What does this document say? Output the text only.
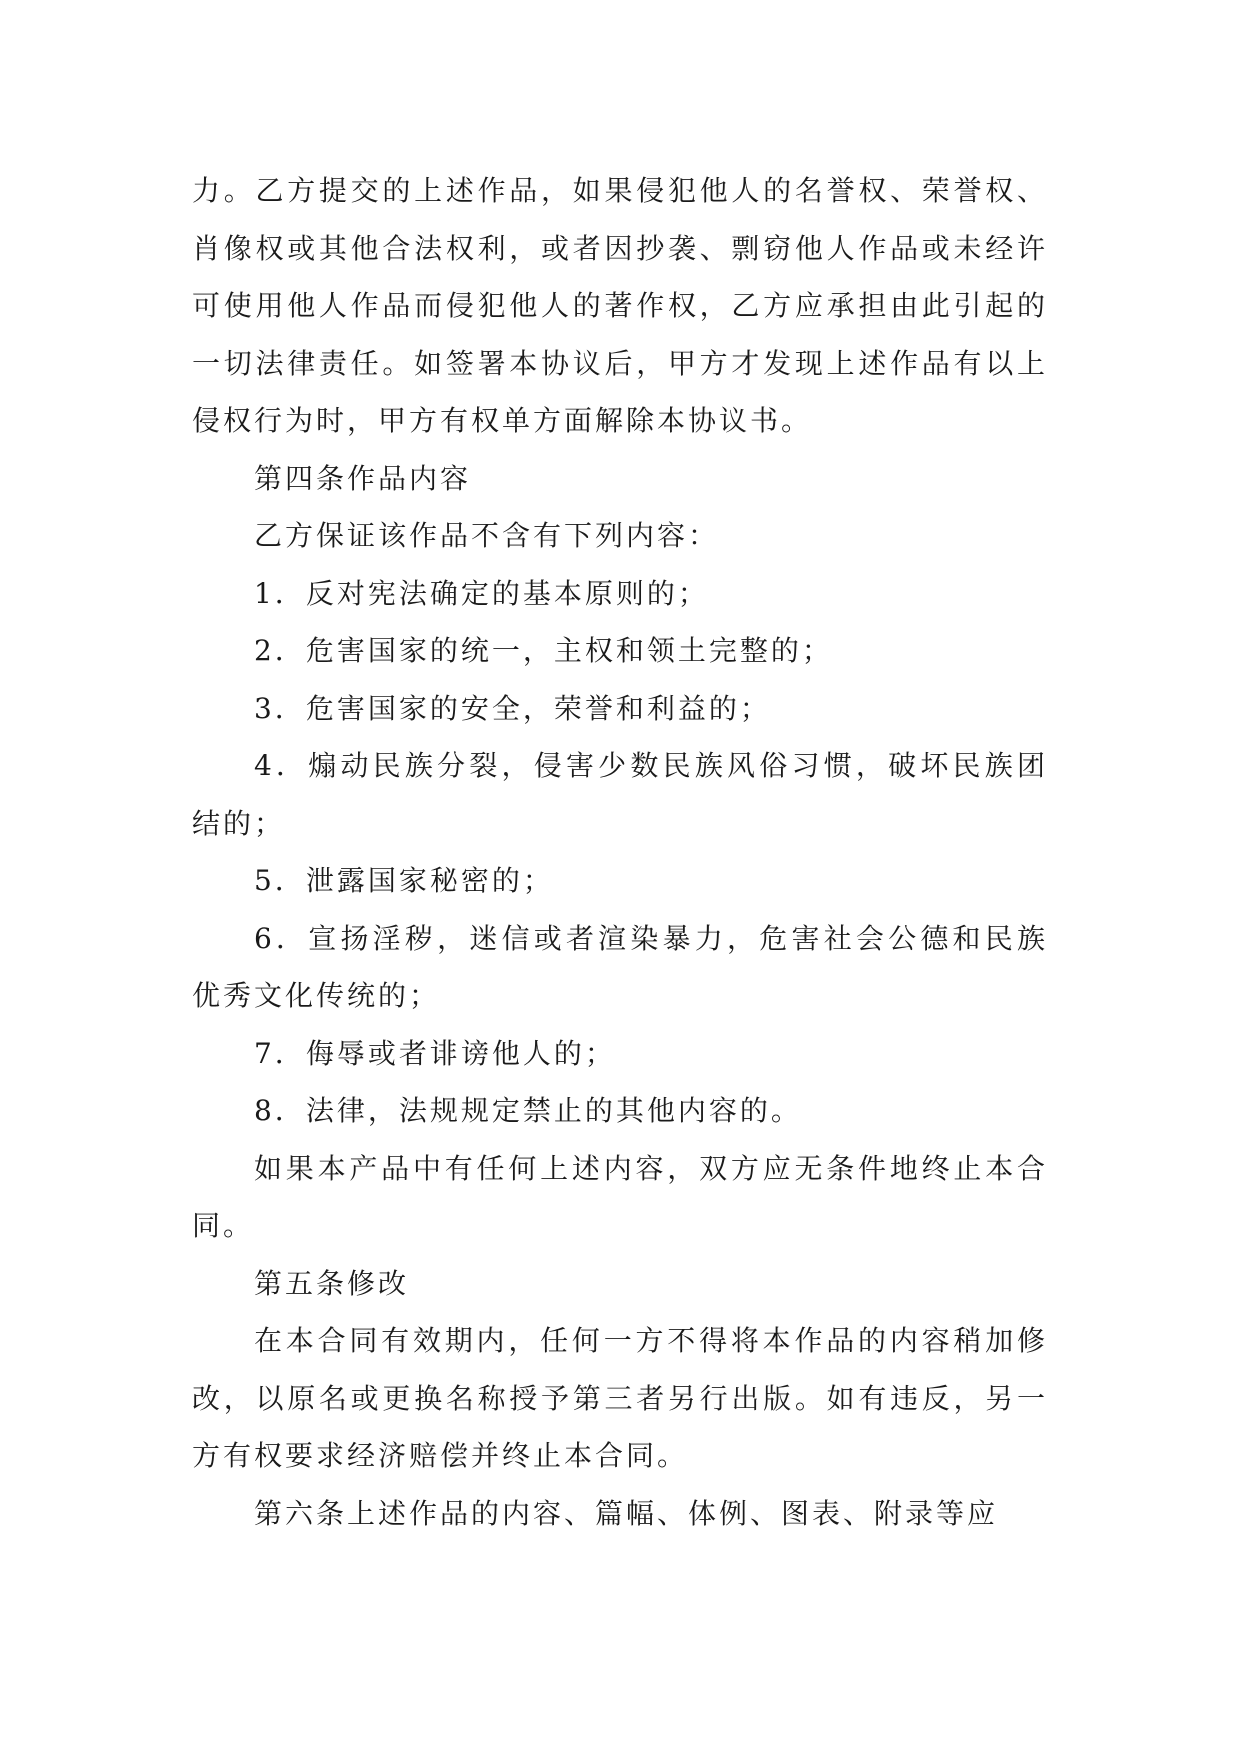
力。乙方提交的上述作品，如果侵犯他人的名誉权、荣誉权、肖像权或其他合法权利，或者因抄袭、剽窃他人作品或未经许可使用他人作品而侵犯他人的著作权，乙方应承担由此引起的一切法律责任。如签署本协议后，甲方才发现上述作品有以上侵权行为时，甲方有权单方面解除本协议书。

第四条作品内容

乙方保证该作品不含有下列内容：

1．反对宪法确定的基本原则的；

2．危害国家的统一，主权和领土完整的；

3．危害国家的安全，荣誉和利益的；

4．煽动民族分裂，侵害少数民族风俗习惯，破坏民族团结的；

5．泄露国家秘密的；

6．宣扬淫秽，迷信或者渲染暴力，危害社会公德和民族优秀文化传统的；

7．侮辱或者诽谤他人的；

8．法律，法规规定禁止的其他内容的。

如果本产品中有任何上述内容，双方应无条件地终止本合同。

第五条修改

在本合同有效期内，任何一方不得将本作品的内容稍加修改，以原名或更换名称授予第三者另行出版。如有违反，另一方有权要求经济赔偿并终止本合同。

第六条上述作品的内容、篇幅、体例、图表、附录等应
